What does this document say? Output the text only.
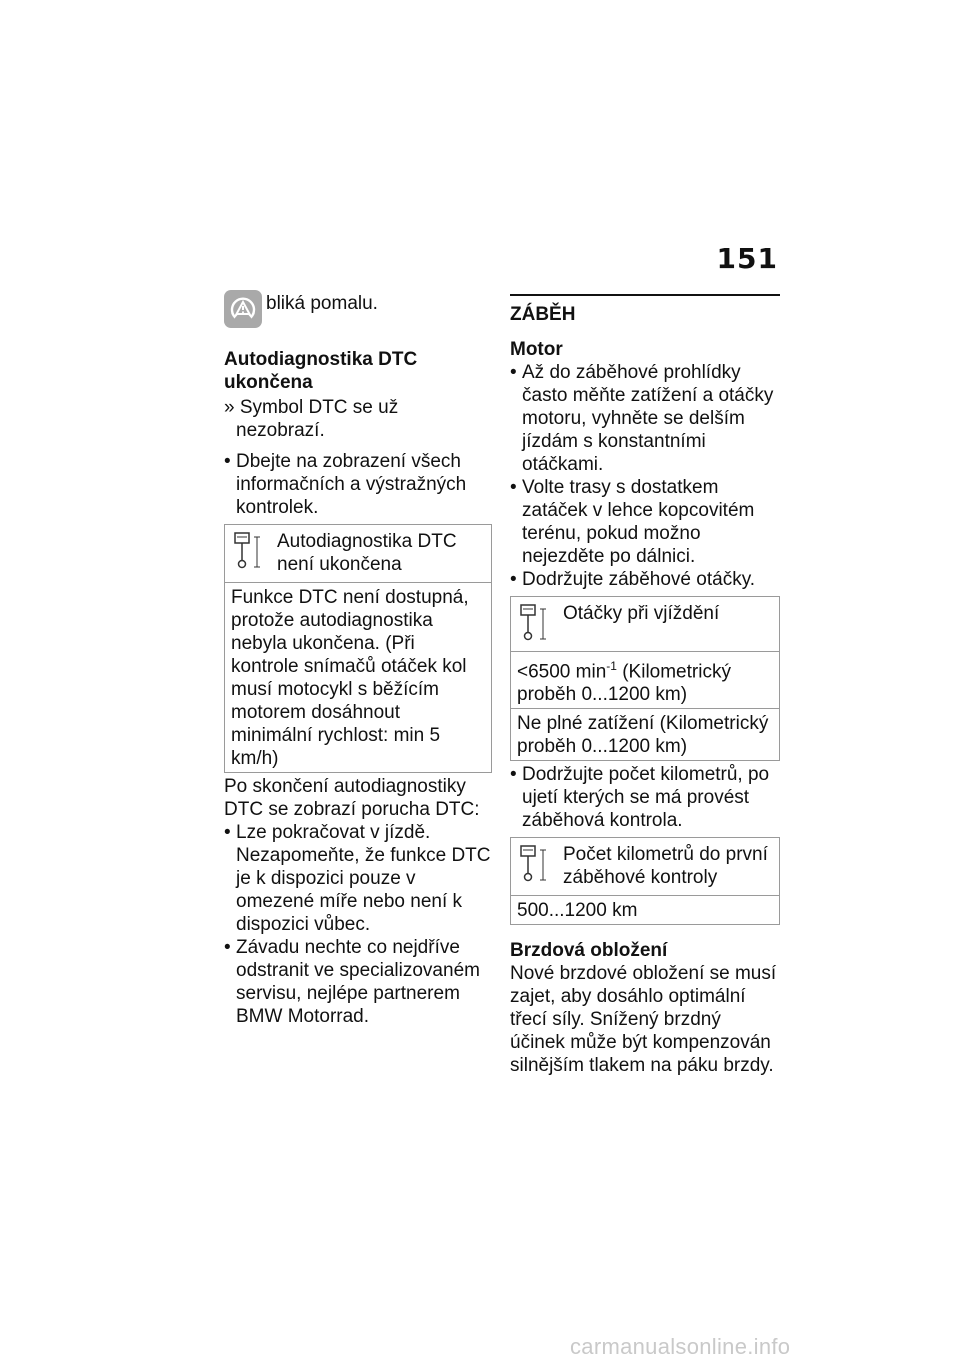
151
bliká pomalu.

Autodiagnostika DTC ukončena

» Symbol DTC se už nezobrazí.

• Dbejte na zobrazení všech informačních a výstražných kontrolek.
Autodiagnostika DTC není ukončena
Funkce DTC není dostupná, protože autodiagnostika nebyla ukončena. (Při kontrole snímačů otáček kol musí motocykl s běžícím motorem dosáhnout minimální rychlost: min 5 km/h)

Po skončení autodiagnostiky DTC se zobrazí porucha DTC:

• Lze pokračovat v jízdě. Nezapomeňte, že funkce DTC je k dispozici pouze v omezené míře nebo není k dispozici vůbec.
• Závadu nechte co nejdříve odstranit ve specializovaném servisu, nejlépe partnerem BMW Motorrad.

ZÁBĚH

Motor

• Až do záběhové prohlídky často měňte zatížení a otáčky motoru, vyhněte se delším jízdám s konstantními otáčkami.
• Volte trasy s dostatkem zatáček v lehce kopcovitém terénu, pokud možno nejezděte po dálnici.
• Dodržujte záběhové otáčky.
Otáčky při vjíždění
<6500 $\min^{-1}$ (Kilometrický proběh 0...1200 km)
Ne plné zatížení (Kilometrický proběh 0...1200 km)
• Dodržujte počet kilometrů, po ujetí kterých se má provést záběhová kontrola.
Počet kilometrů do první záběhové kontroly
500...1200 km

Brzdová obložení

Nové brzdové obložení se musí zajet, aby dosáhlo optimální třecí síly. Snížený brzdný účinek může být kompenzován silnějším tlakem na páku brzdy.

carmanualsonline.info
